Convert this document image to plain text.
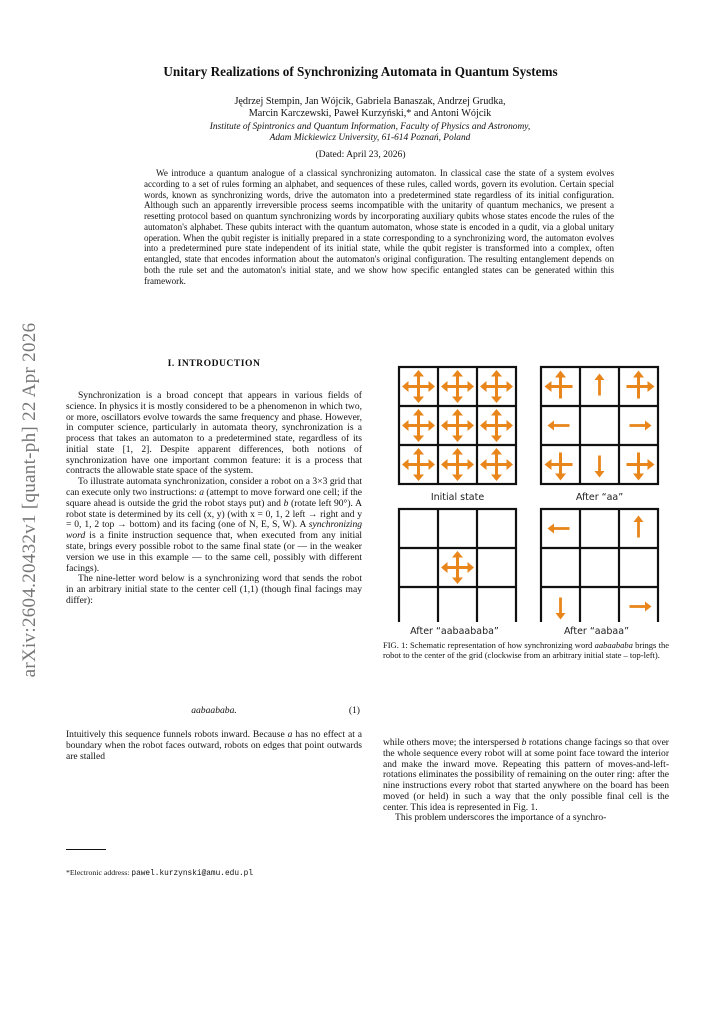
arXiv:2604.20432v1 [quant-ph] 22 Apr 2026
Unitary Realizations of Synchronizing Automata in Quantum Systems
Jędrzej Stempin, Jan Wójcik, Gabriela Banaszak, Andrzej Grudka,
Marcin Karczewski, Paweł Kurzyński,* and Antoni Wójcik
Institute of Spintronics and Quantum Information, Faculty of Physics and Astronomy,
Adam Mickiewicz University, 61-614 Poznań, Poland
(Dated: April 23, 2026)

We introduce a quantum analogue of a classical synchronizing automaton. In classical case the state of a system evolves according to a set of rules forming an alphabet, and sequences of these rules, called words, govern its evolution. Certain special words, known as synchronizing words, drive the automaton into a predetermined state regardless of its initial configuration. Although such an apparently irreversible process seems incompatible with the unitarity of quantum mechanics, we present a resetting protocol based on quantum synchronizing words by incorporating auxiliary qubits whose states encode the rules of the automaton's alphabet. These qubits interact with the quantum automaton, whose state is encoded in a qudit, via a global unitary operation. When the qubit register is initially prepared in a state corresponding to a synchronizing word, the automaton evolves into a predetermined pure state independent of its initial state, while the qubit register is transformed into a complex, often entangled, state that encodes information about the automaton's original configuration. The resulting entanglement depends on both the rule set and the automaton's initial state, and we show how specific entangled states can be generated within this framework.

I. INTRODUCTION

Synchronization is a broad concept that appears in various fields of science. In physics it is mostly considered to be a phenomenon in which two, or more, oscillators evolve towards the same frequency and phase. However, in computer science, particularly in automata theory, synchronization is a process that takes an automaton to a predetermined state, regardless of its initial state [1, 2]. Despite apparent differences, both notions of synchronization have one important common feature: it is a process that contracts the allowable state space of the system.

To illustrate automata synchronization, consider a robot on a 3×3 grid that can execute only two instructions: a (attempt to move forward one cell; if the square ahead is outside the grid the robot stays put) and b (rotate left 90°). A robot state is determined by its cell (x, y) (with x = 0, 1, 2 left → right and y = 0, 1, 2 top → bottom) and its facing (one of N, E, S, W). A synchronizing word is a finite instruction sequence that, when executed from any initial state, brings every possible robot to the same final state (or — in the weaker version we use in this example — to the same cell, possibly with different facings).

The nine-letter word below is a synchronizing word that sends the robot in an arbitrary initial state to the center cell (1,1) (though final facings may differ):

aabaababa.	(1)

Intuitively this sequence funnels robots inward. Because a has no effect at a boundary when the robot faces outward, robots on edges that point outwards are stalled

*Electronic address: pawel.kurzynski@amu.edu.pl
Initial state	After “aa”
After “aabaababa”	After “aabaa”

FIG. 1: Schematic representation of how synchronizing word aabaababa brings the robot to the center of the grid (clockwise from an arbitrary initial state – top-left).

while others move; the interspersed b rotations change facings so that over the whole sequence every robot will at some point face toward the interior and make the inward move. Repeating this pattern of moves-and-left-rotations eliminates the possibility of remaining on the outer ring: after the nine instructions every robot that started anywhere on the board has been moved (or held) in such a way that the only possible final cell is the center. This idea is represented in Fig. 1.

This problem underscores the importance of a synchro-
